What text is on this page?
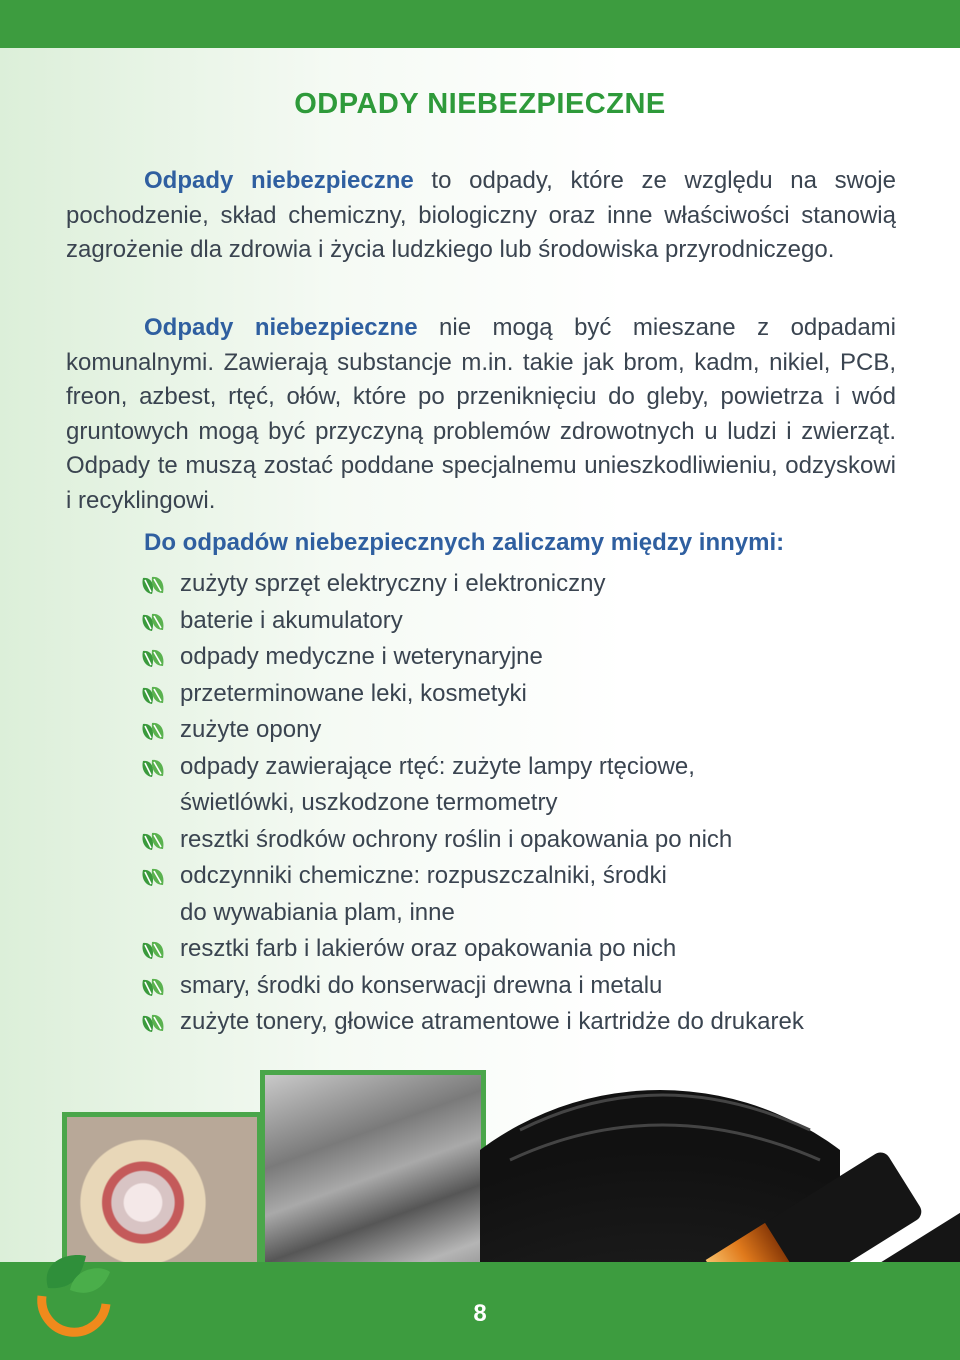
ODPADY NIEBEZPIECZNE

Odpady niebezpieczne to odpady, które ze względu na swoje pochodzenie, skład chemiczny, biologiczny oraz inne właściwości stanowią zagrożenie dla zdrowia i życia ludzkiego lub środowiska przyrodniczego.

Odpady niebezpieczne nie mogą być mieszane z odpadami komunalnymi. Zawierają substancje m.in. takie jak brom, kadm, nikiel, PCB, freon, azbest, rtęć, ołów, które po przeniknięciu do gleby, powietrza i wód gruntowych mogą być przyczyną problemów zdrowotnych u ludzi i zwierząt. Odpady te muszą zostać poddane specjalnemu unieszkodliwieniu, odzyskowi i recyklingowi.

Do odpadów niebezpiecznych zaliczamy między innymi:
zużyty sprzęt elektryczny i elektroniczny
baterie i akumulatory
odpady medyczne i weterynaryjne
przeterminowane leki, kosmetyki
zużyte opony
odpady zawierające rtęć: zużyte lampy rtęciowe,
świetlówki, uszkodzone termometry
resztki środków ochrony roślin i opakowania po nich
odczynniki chemiczne: rozpuszczalniki, środki
do wywabiania plam, inne
resztki farb i lakierów oraz opakowania po nich
smary, środki do konserwacji drewna i metalu
zużyte tonery, głowice atramentowe i kartridże do drukarek
8
